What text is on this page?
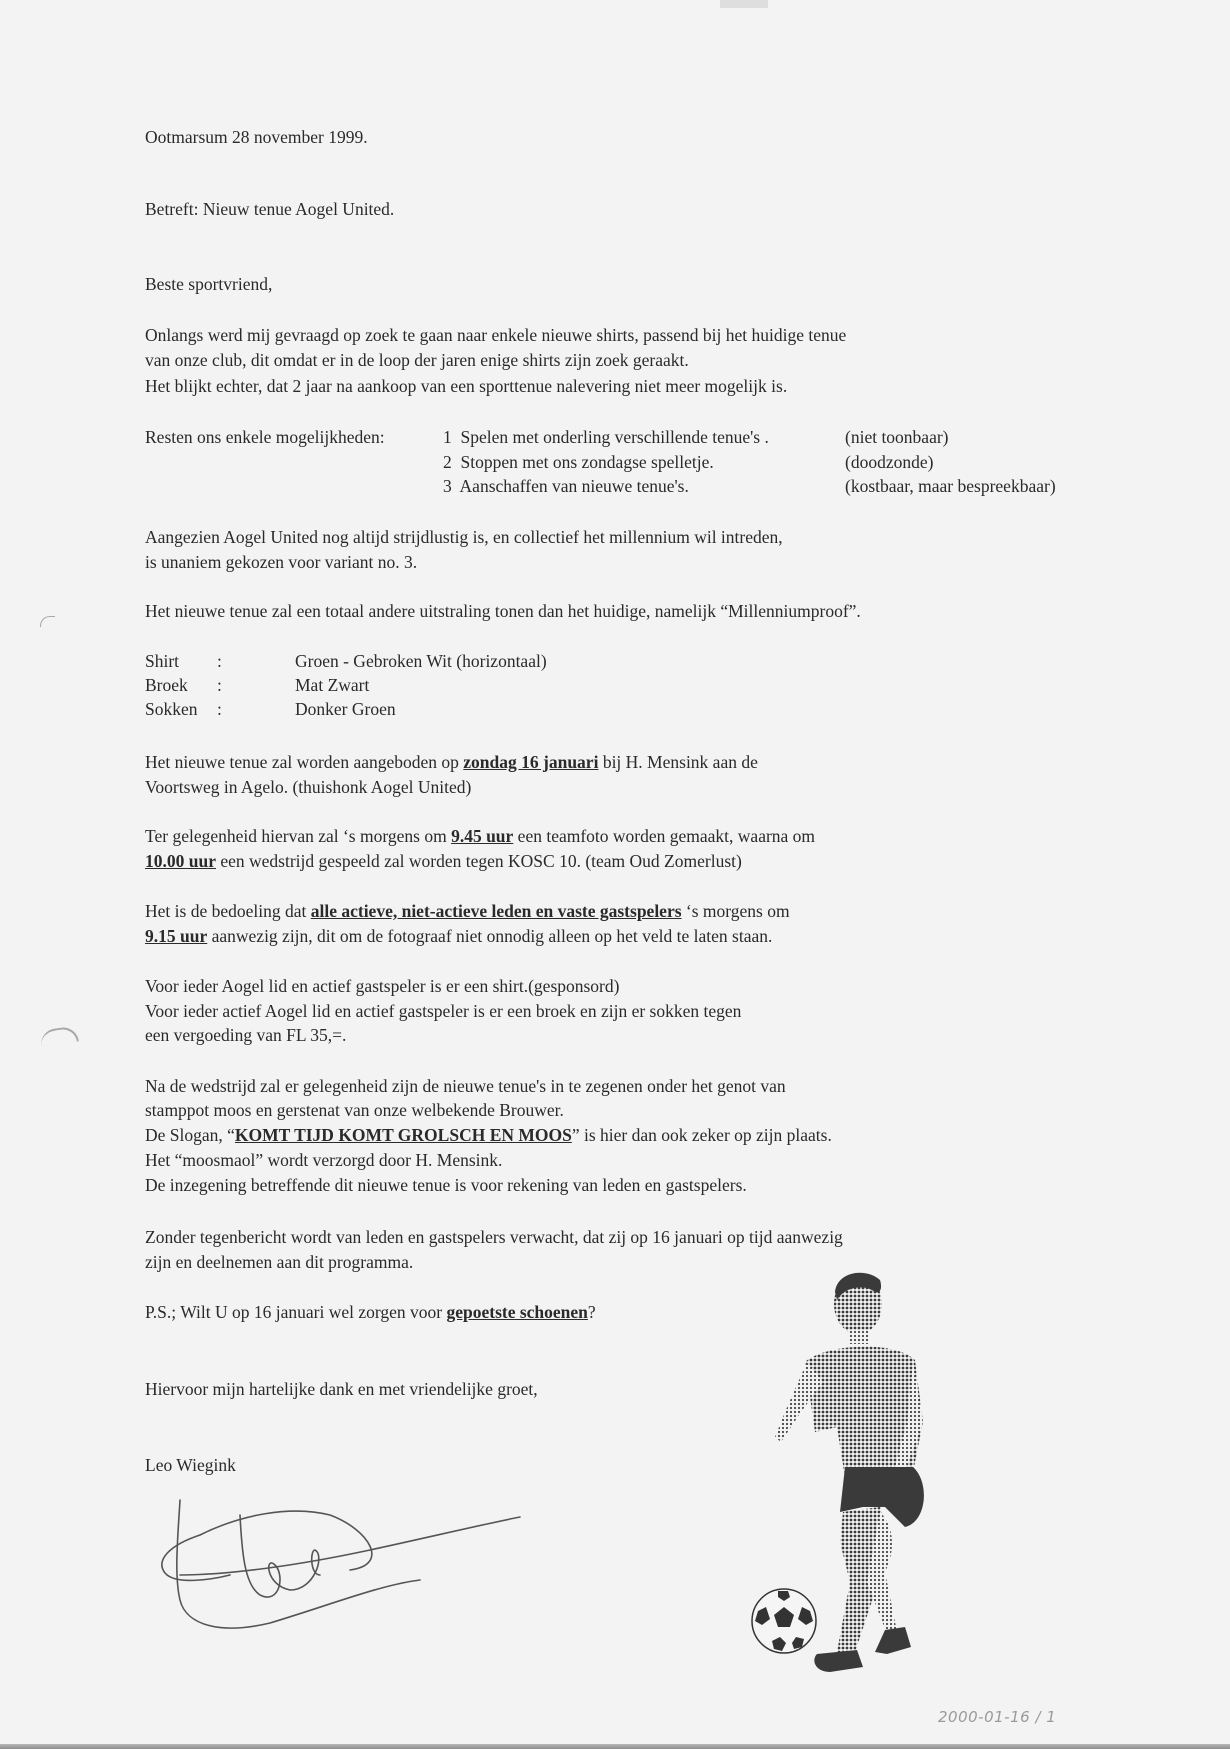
Ootmarsum 28 november 1999.
Betreft: Nieuw tenue Aogel United.
Beste sportvriend,
Onlangs werd mij gevraagd op zoek te gaan naar enkele nieuwe shirts, passend bij het huidige tenue
van onze club, dit omdat er in de loop der jaren enige shirts zijn zoek geraakt.
Het blijkt echter, dat 2 jaar na aankoop van een sporttenue nalevering niet meer mogelijk is.
Resten ons enkele mogelijkheden:	1 Spelen met onderling verschillende tenue's .	(niet toonbaar)
2 Stoppen met ons zondagse spelletje.	(doodzonde)
3 Aanschaffen van nieuwe tenue's.	(kostbaar, maar bespreekbaar)
Aangezien Aogel United nog altijd strijdlustig is, en collectief het millennium wil intreden,
is unaniem gekozen voor variant no. 3.
Het nieuwe tenue zal een totaal andere uitstraling tonen dan het huidige, namelijk “Millenniumproof”.
Shirt :	Groen - Gebroken Wit (horizontaal)
Broek :	Mat Zwart
Sokken :	Donker Groen
Het nieuwe tenue zal worden aangeboden op zondag 16 januari bij H. Mensink aan de
Voortsweg in Agelo. (thuishonk Aogel United)
Ter gelegenheid hiervan zal ‘s morgens om 9.45 uur een teamfoto worden gemaakt, waarna om
10.00 uur een wedstrijd gespeeld zal worden tegen KOSC 10. (team Oud Zomerlust)
Het is de bedoeling dat alle actieve, niet-actieve leden en vaste gastspelers ‘s morgens om
9.15 uur aanwezig zijn, dit om de fotograaf niet onnodig alleen op het veld te laten staan.
Voor ieder Aogel lid en actief gastspeler is er een shirt.(gesponsord)
Voor ieder actief Aogel lid en actief gastspeler is er een broek en zijn er sokken tegen
een vergoeding van FL 35,=.
Na de wedstrijd zal er gelegenheid zijn de nieuwe tenue's in te zegenen onder het genot van
stamppot moos en gerstenat van onze welbekende Brouwer.
De Slogan, “KOMT TIJD KOMT GROLSCH EN MOOS” is hier dan ook zeker op zijn plaats.
Het “moosmaol” wordt verzorgd door H. Mensink.
De inzegening betreffende dit nieuwe tenue is voor rekening van leden en gastspelers.
Zonder tegenbericht wordt van leden en gastspelers verwacht, dat zij op 16 januari op tijd aanwezig
zijn en deelnemen aan dit programma.
P.S.; Wilt U op 16 januari wel zorgen voor gepoetste schoenen?
Hiervoor mijn hartelijke dank en met vriendelijke groet,
Leo Wiegink
2000-01-16 / 1
